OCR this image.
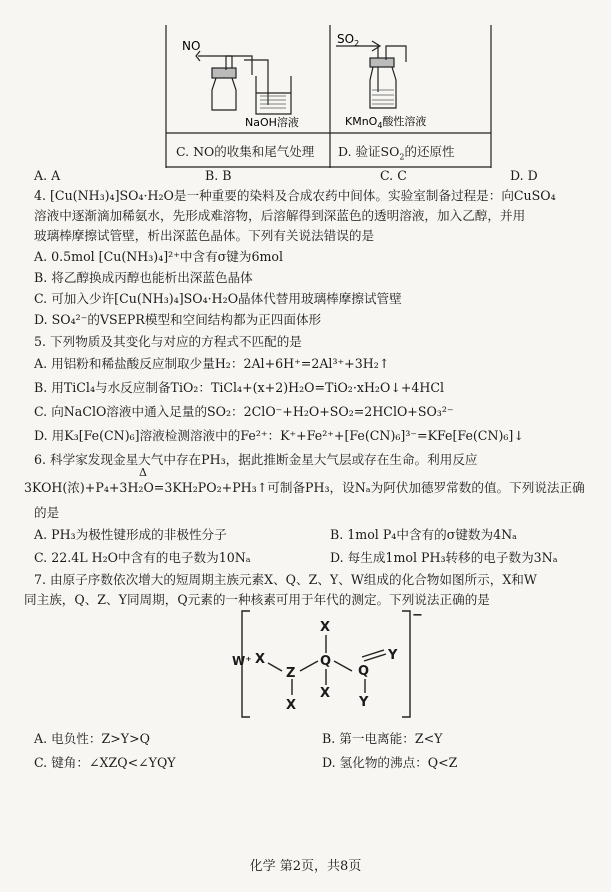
NO
NaOH溶液
$SO_2$
KMnO$_4$酸性溶液
C. NO的收集和尾气处理 D. 验证$SO_2$的还原性
A. A	B. B	C. C	D. D
4. [Cu(NH₃)₄]SO₄·H₂O是一种重要的染料及合成农药中间体。实验室制备过程是：向CuSO₄
溶液中逐渐滴加稀氨水，先形成难溶物，后溶解得到深蓝色的透明溶液，加入乙醇，并用
玻璃棒摩擦试管壁，析出深蓝色晶体。下列有关说法错误的是
A. 0.5mol [Cu(NH₃)₄]²⁺中含有σ键为6mol
B. 将乙醇换成丙醇也能析出深蓝色晶体
C. 可加入少许[Cu(NH₃)₄]SO₄·H₂O晶体代替用玻璃棒摩擦试管壁
D. SO₄²⁻的VSEPR模型和空间结构都为正四面体形
5. 下列物质及其变化与对应的方程式不匹配的是
A. 用铝粉和稀盐酸反应制取少量H₂：2Al+6H⁺=2Al³⁺+3H₂↑
B. 用TiCl₄与水反应制备TiO₂：TiCl₄+(x+2)H₂O=TiO₂·xH₂O↓+4HCl
C. 向NaClO溶液中通入足量的SO₂：2ClO⁻+H₂O+SO₂=2HClO+SO₃²⁻
D. 用K₃[Fe(CN)₆]溶液检测溶液中的Fe²⁺：K⁺+Fe²⁺+[Fe(CN)₆]³⁻=KFe[Fe(CN)₆]↓
6. 科学家发现金星大气中存在PH₃，据此推断金星大气层或存在生命。利用反应
Δ
3KOH(浓)+P₄+3H₂O=3KH₂PO₂+PH₃↑可制备PH₃，设Nₐ为阿伏加德罗常数的值。下列说法正确
的是
A. PH₃为极性键形成的非极性分子	B. 1mol P₄中含有的σ键数为4Nₐ
C. 22.4L H₂O中含有的电子数为10Nₐ	D. 每生成1mol PH₃转移的电子数为3Nₐ
7. 由原子序数依次增大的短周期主族元素X、Q、Z、Y、W组成的化合物如图所示，X和W
同主族，Q、Z、Y同周期，Q元素的一种核素可用于年代的测定。下列说法正确的是
W⁺
−
X
Z
X
Q
X
X
Q
Y
Y
A. 电负性：Z>Y>Q	B. 第一电离能：Z<Y
C. 键角：∠XZQ<∠YQY	D. 氢化物的沸点：Q<Z
化学 第2页，共8页
